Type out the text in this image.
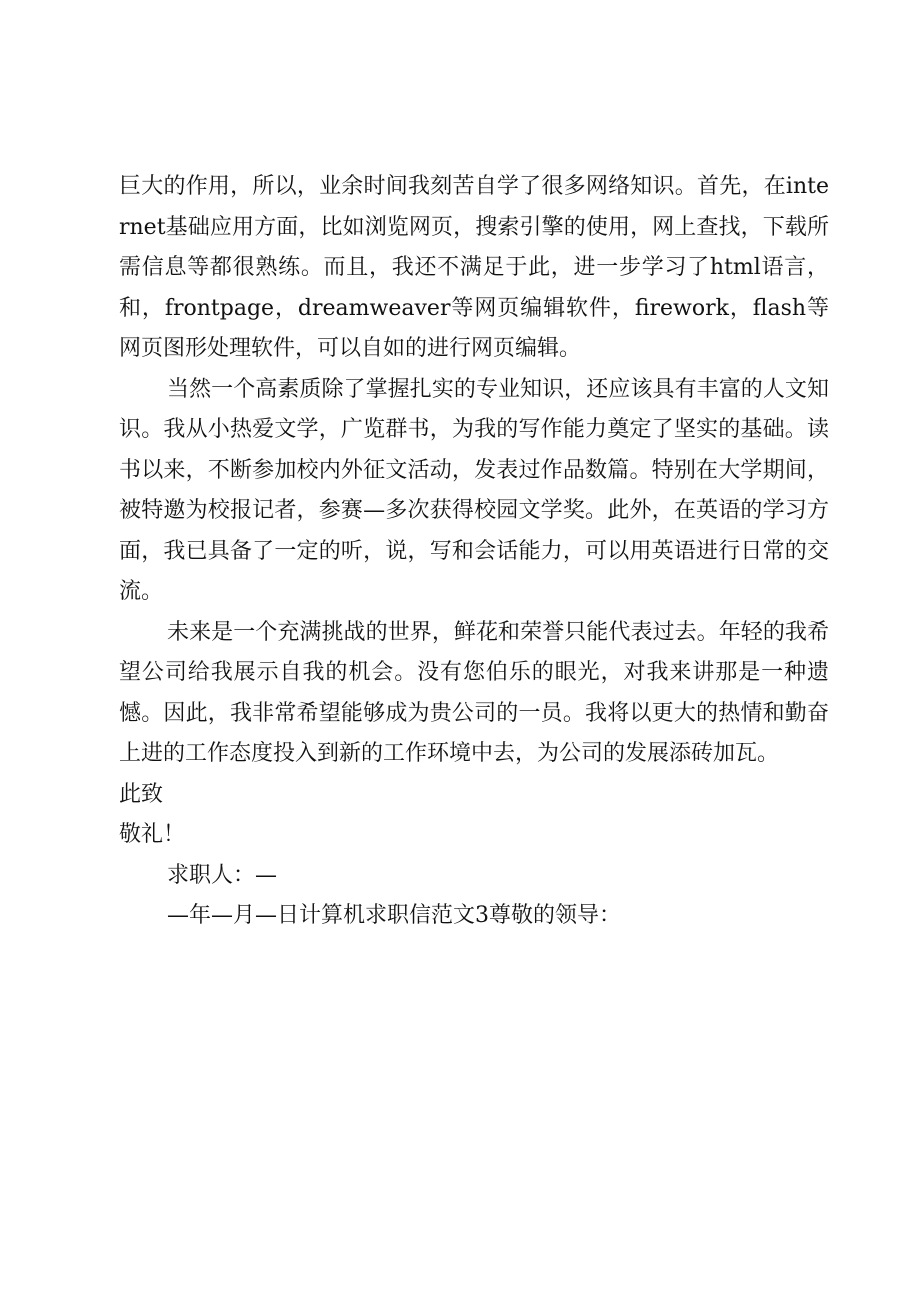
巨大的作用，所以，业余时间我刻苦自学了很多网络知识。首先，在internet基础应用方面，比如浏览网页，搜索引擎的使用，网上查找，下载所需信息等都很熟练。而且，我还不满足于此，进一步学习了html语言，和，frontpage，dreamweaver等网页编辑软件，firework，flash等网页图形处理软件，可以自如的进行网页编辑。

当然一个高素质除了掌握扎实的专业知识，还应该具有丰富的人文知识。我从小热爱文学，广览群书，为我的写作能力奠定了坚实的基础。读书以来，不断参加校内外征文活动，发表过作品数篇。特别在大学期间，被特邀为校报记者，参赛—多次获得校园文学奖。此外，在英语的学习方面，我已具备了一定的听，说，写和会话能力，可以用英语进行日常的交流。

未来是一个充满挑战的世界，鲜花和荣誉只能代表过去。年轻的我希望公司给我展示自我的机会。没有您伯乐的眼光，对我来讲那是一种遗憾。因此，我非常希望能够成为贵公司的一员。我将以更大的热情和勤奋上进的工作态度投入到新的工作环境中去，为公司的发展添砖加瓦。

此致

敬礼！

求职人：—

—年—月—日计算机求职信范文3尊敬的领导：
